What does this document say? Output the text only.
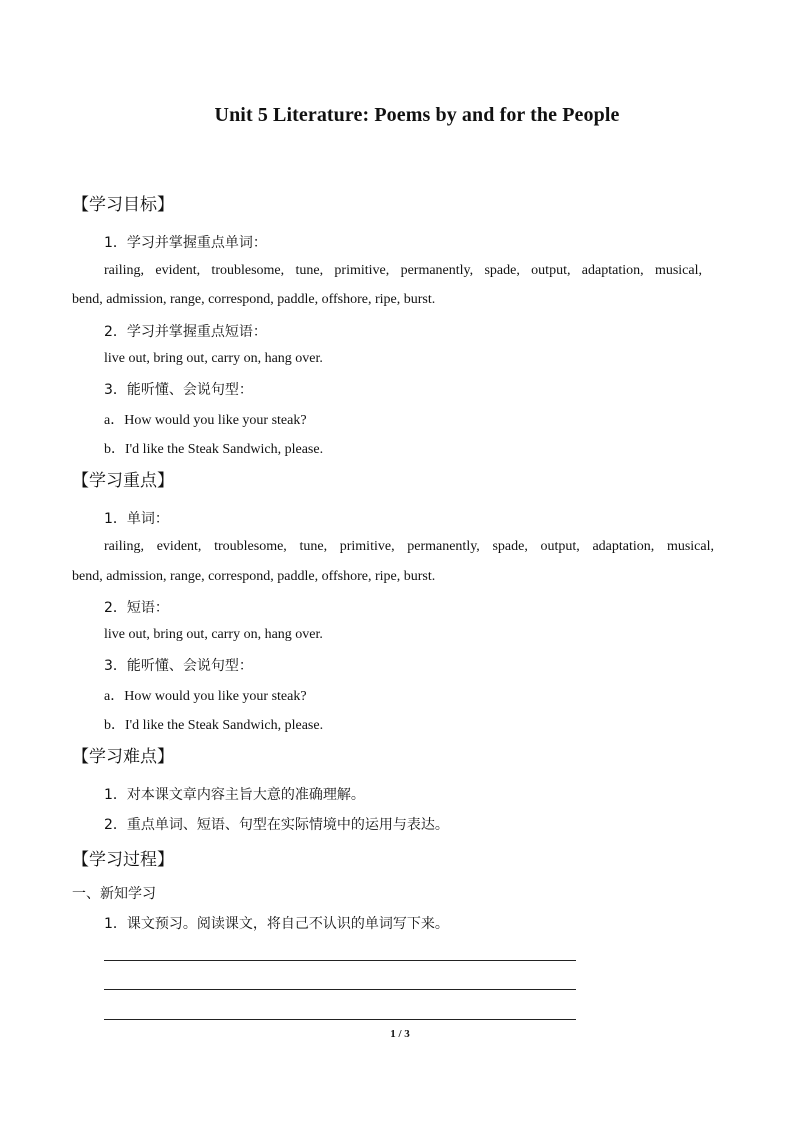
Unit 5 Literature: Poems by and for the People
【学习目标】
1．学习并掌握重点单词：
railing, evident, troublesome, tune, primitive, permanently, spade, output, adaptation, musical,
bend, admission, range, correspond, paddle, offshore, ripe, burst.
2．学习并掌握重点短语：
live out, bring out, carry on, hang over.
3．能听懂、会说句型：
a．How would you like your steak?
b．I'd like the Steak Sandwich, please.
【学习重点】
1．单词：
railing, evident, troublesome, tune, primitive, permanently, spade, output, adaptation, musical,
bend, admission, range, correspond, paddle, offshore, ripe, burst.
2．短语：
live out, bring out, carry on, hang over.
3．能听懂、会说句型：
a．How would you like your steak?
b．I'd like the Steak Sandwich, please.
【学习难点】
1．对本课文章内容主旨大意的准确理解。
2．重点单词、短语、句型在实际情境中的运用与表达。
【学习过程】
一、新知学习
1．课文预习。阅读课文，将自己不认识的单词写下来。
1 / 3
